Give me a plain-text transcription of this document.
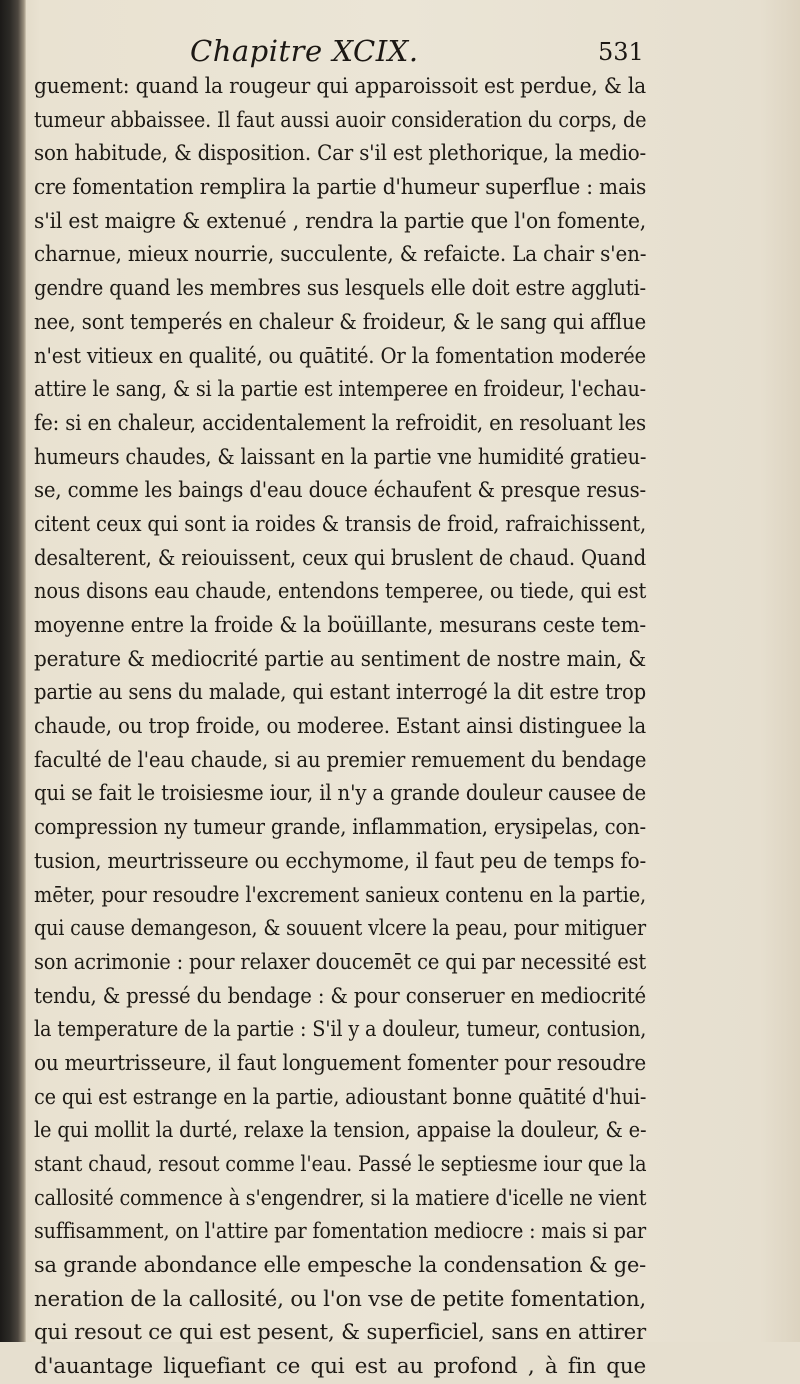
Chapitre XCIX.	531
guement: quand la rougeur qui apparoissoit est perdue, & la
tumeur abbaissee. Il faut aussi auoir consideration du corps, de
son habitude, & disposition. Car s'il est plethorique, la medio-
cre fomentation remplira la partie d'humeur superflue : mais
s'il est maigre & extenué , rendra la partie que l'on fomente,
charnue, mieux nourrie, succulente, & refaicte. La chair s'en-
gendre quand les membres sus lesquels elle doit estre aggluti-
nee, sont temperés en chaleur & froideur, & le sang qui afflue
n'est vitieux en qualité, ou quātité. Or la fomentation moderée
attire le sang, & si la partie est intemperee en froideur, l'echau-
fe: si en chaleur, accidentalement la refroidit, en resoluant les
humeurs chaudes, & laissant en la partie vne humidité gratieu-
se, comme les baings d'eau douce échaufent & presque resus-
citent ceux qui sont ia roides & transis de froid, rafraichissent,
desalterent, & reiouissent, ceux qui bruslent de chaud. Quand
nous disons eau chaude, entendons temperee, ou tiede, qui est
moyenne entre la froide & la boüillante, mesurans ceste tem-
perature & mediocrité partie au sentiment de nostre main, &
partie au sens du malade, qui estant interrogé la dit estre trop
chaude, ou trop froide, ou moderee. Estant ainsi distinguee la
faculté de l'eau chaude, si au premier remuement du bendage
qui se fait le troisiesme iour, il n'y a grande douleur causee de
compression ny tumeur grande, inflammation, erysipelas, con-
tusion, meurtrisseure ou ecchymome, il faut peu de temps fo-
mēter, pour resoudre l'excrement sanieux contenu en la partie,
qui cause demangeson, & souuent vlcere la peau, pour mitiguer
son acrimonie : pour relaxer doucemēt ce qui par necessité est
tendu, & pressé du bendage : & pour conseruer en mediocrité
la temperature de la partie : S'il y a douleur, tumeur, contusion,
ou meurtrisseure, il faut longuement fomenter pour resoudre
ce qui est estrange en la partie, adioustant bonne quātité d'hui-
le qui mollit la durté, relaxe la tension, appaise la douleur, & e-
stant chaud, resout comme l'eau. Passé le septiesme iour que la
callosité commence à s'engendrer, si la matiere d'icelle ne vient
suffisamment, on l'attire par fomentation mediocre : mais si par
sa grande abondance elle empesche la condensation & ge-
neration de la callosité, ou l'on vse de petite fomentation,
qui resout ce qui est pesent, & superficiel, sans en attirer
d'auantage liquefiant ce qui est au profond , à fin que
